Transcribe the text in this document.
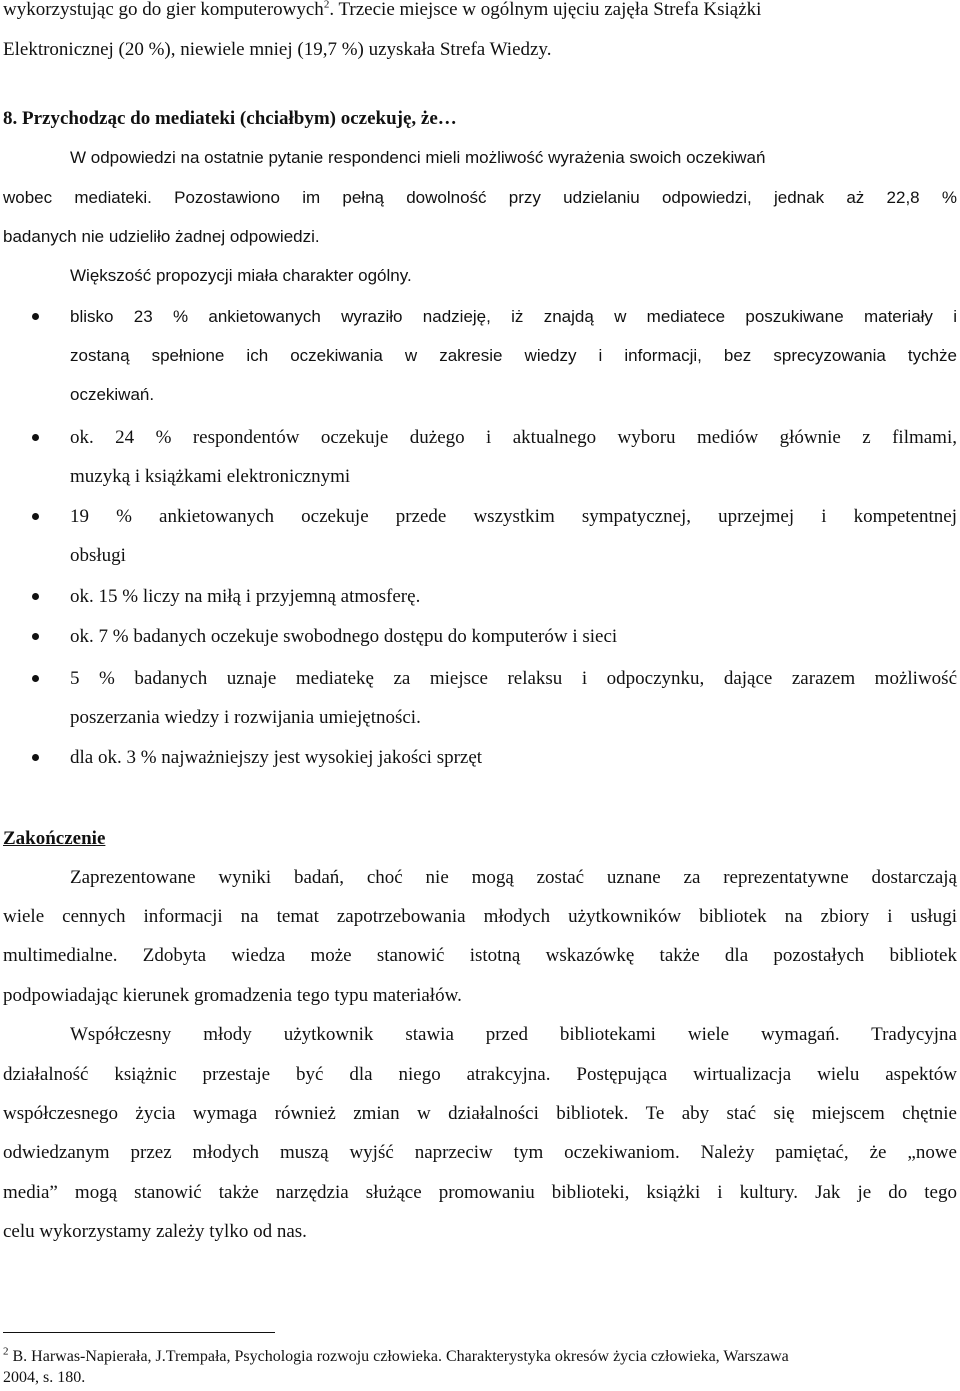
wykorzystując go do gier komputerowych$^2$. Trzecie miejsce w ogólnym ujęciu zajęła Strefa Książki
Elektronicznej (20 %), niewiele mniej (19,7 %) uzyskała Strefa Wiedzy.
8. Przychodząc do mediateki (chciałbym) oczekuję, że…
W odpowiedzi na ostatnie pytanie respondenci mieli możliwość wyrażenia swoich oczekiwań
wobec mediateki. Pozostawiono im pełną dowolność przy udzielaniu odpowiedzi, jednak aż 22,8 %
badanych nie udzieliło żadnej odpowiedzi.
Większość propozycji miała charakter ogólny.
blisko 23 % ankietowanych wyraziło nadzieję, iż znajdą w mediatece poszukiwane materiały i
zostaną spełnione ich oczekiwania w zakresie wiedzy i informacji, bez sprecyzowania tychże
oczekiwań.
ok. 24 % respondentów oczekuje dużego i aktualnego wyboru mediów głównie z filmami,
muzyką i książkami elektronicznymi
19 % ankietowanych oczekuje przede wszystkim sympatycznej, uprzejmej i kompetentnej
obsługi
ok. 15 % liczy na miłą i przyjemną atmosferę.
ok. 7 % badanych oczekuje swobodnego dostępu do komputerów i sieci
5 % badanych uznaje mediatekę za miejsce relaksu i odpoczynku, dające zarazem możliwość
poszerzania wiedzy i rozwijania umiejętności.
dla ok. 3 % najważniejszy jest wysokiej jakości sprzęt
Zakończenie
Zaprezentowane wyniki badań, choć nie mogą zostać uznane za reprezentatywne dostarczają
wiele cennych informacji na temat zapotrzebowania młodych użytkowników bibliotek na zbiory i usługi
multimedialne. Zdobyta wiedza może stanowić istotną wskazówkę także dla pozostałych bibliotek
podpowiadając kierunek gromadzenia tego typu materiałów.
Współczesny młody użytkownik stawia przed bibliotekami wiele wymagań. Tradycyjna
działalność książnic przestaje być dla niego atrakcyjna. Postępująca wirtualizacja wielu aspektów
współczesnego życia wymaga również zmian w działalności bibliotek. Te aby stać się miejscem chętnie
odwiedzanym przez młodych muszą wyjść naprzeciw tym oczekiwaniom. Należy pamiętać, że „nowe
media” mogą stanowić także narzędzia służące promowaniu biblioteki, książki i kultury. Jak je do tego
celu wykorzystamy zależy tylko od nas.
$^2$ B. Harwas-Napierała, J.Trempała, Psychologia rozwoju człowieka. Charakterystyka okresów życia człowieka, Warszawa
2004, s. 180.
